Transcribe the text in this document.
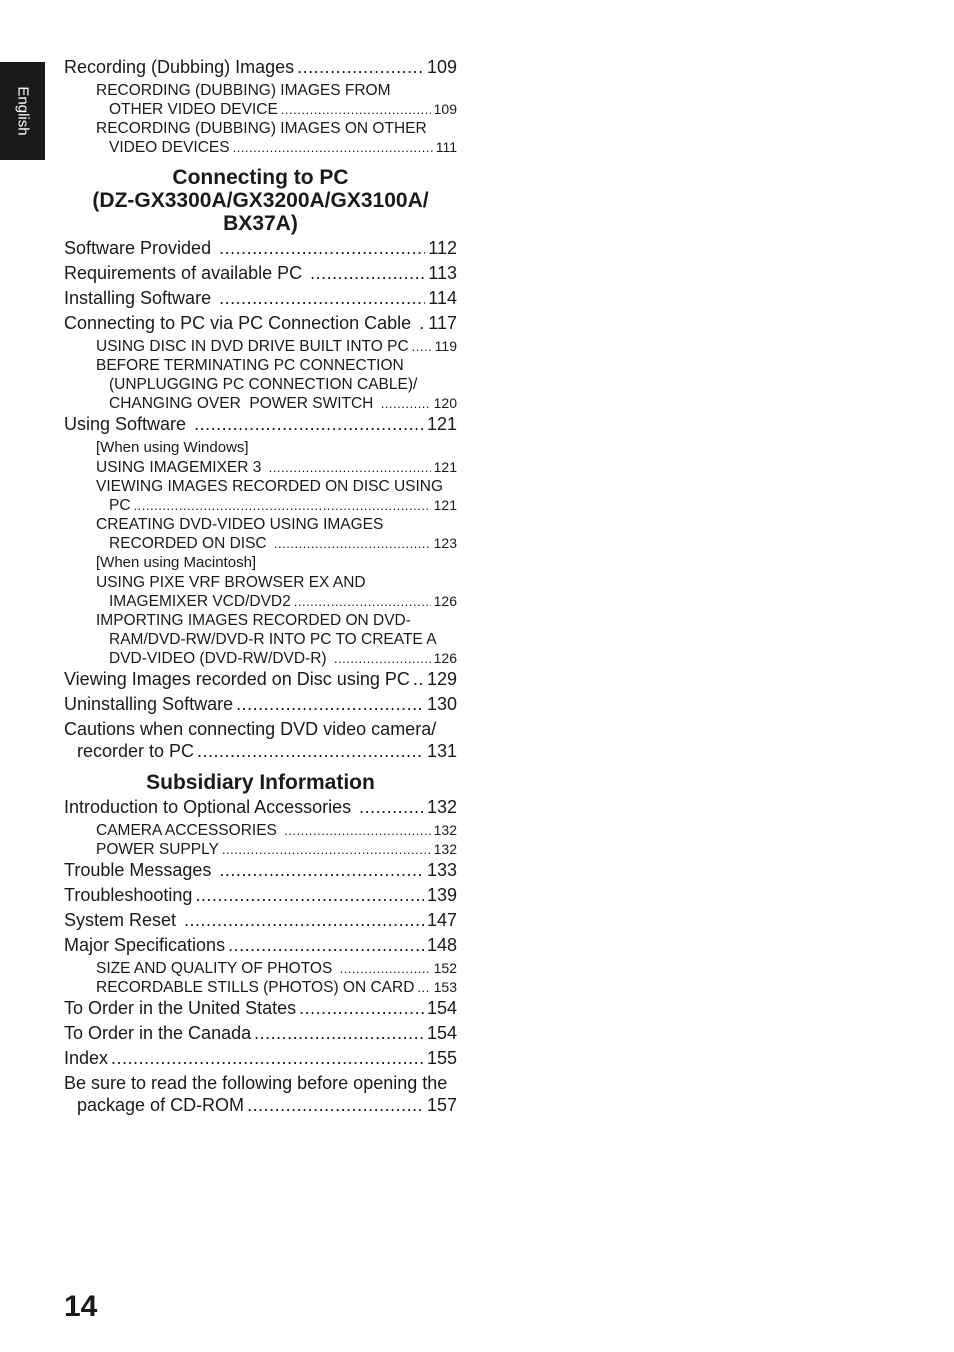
English
Recording (Dubbing) Images .....	109
RECORDING (DUBBING) IMAGES FROM
OTHER VIDEO DEVICE .....	109
RECORDING (DUBBING) IMAGES ON OTHER
VIDEO DEVICES .....	111
Connecting to PC
(DZ-GX3300A/GX3200A/GX3100A/
BX37A)
Software Provided .....	112
Requirements of available PC .....	113
Installing Software .....	114
Connecting to PC via PC Connection Cable ..... 117
USING DISC IN DVD DRIVE BUILT INTO PC ..... 119
BEFORE TERMINATING PC CONNECTION
(UNPLUGGING PC CONNECTION CABLE)/
CHANGING OVER  POWER SWITCH .....	120
Using Software .....	121
[When using Windows]
USING IMAGEMIXER 3 .....	121
VIEWING IMAGES RECORDED ON DISC USING
PC .....	121
CREATING DVD-VIDEO USING IMAGES
RECORDED ON DISC .....	123
[When using Macintosh]
USING PIXE VRF BROWSER EX AND
IMAGEMIXER VCD/DVD2 .....	126
IMPORTING IMAGES RECORDED ON DVD-
RAM/DVD-RW/DVD-R INTO PC TO CREATE A
DVD-VIDEO (DVD-RW/DVD-R) .....	126
Viewing Images recorded on Disc using PC ..... 129
Uninstalling Software .....	130
Cautions when connecting DVD video camera/
recorder to PC .....	131
Subsidiary Information
Introduction to Optional Accessories .....	132
CAMERA ACCESSORIES .....	132
POWER SUPPLY .....	132
Trouble Messages .....	133
Troubleshooting .....	139
System Reset .....	147
Major Specifications .....	148
SIZE AND QUALITY OF PHOTOS .....	152
RECORDABLE STILLS (PHOTOS) ON CARD ..... 153
To Order in the United States .....	154
To Order in the Canada .....	154
Index .....	155
Be sure to read the following before opening the
package of CD-ROM .....	157
14
